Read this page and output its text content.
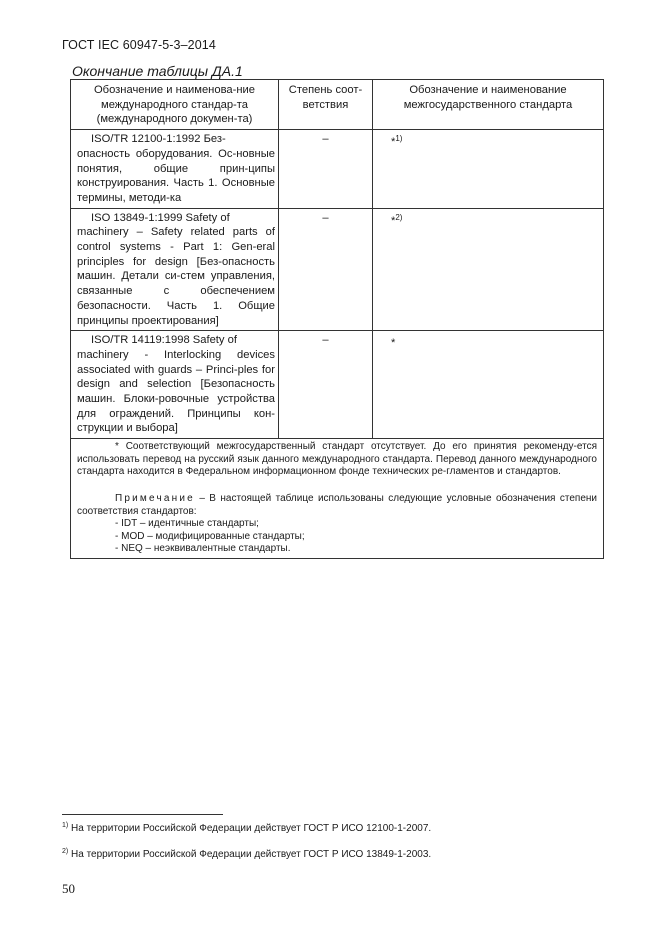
ГОСТ IEC 60947-5-3–2014
Окончание таблицы ДА.1
Обозначение и наименова-ние международного стандар-та (международного докумен-та)	Степень соот-ветствия	Обозначение и наименование межгосударственного стандарта

ISO/TR 12100-1:1992 Без-
опасность оборудования. Ос-новные понятия, общие прин-ципы конструирования. Часть 1. Основные термины, методи-ка	–	*$^{1)}$

ISO 13849-1:1999 Safety of
machinery – Safety related parts of control systems - Part 1: Gen-eral principles for design [Без-опасность машин. Детали си-стем управления, связанные с обеспечением безопасности. Часть 1. Общие принципы проектирования]	–	*$^{2)}$

ISO/TR 14119:1998 Safety of
machinery - Interlocking devices associated with guards – Princi-ples for design and selection [Безопасность машин. Блоки-ровочные устройства для ограждений. Принципы кон-струкции и выбора]	–	*

* Соответствующий межгосударственный стандарт отсутствует. До его принятия рекоменду-ется использовать перевод на русский язык данного международного стандарта. Перевод данного международного стандарта находится в Федеральном информационном фонде технических ре-гламентов и стандартов.

Примечание – В настоящей таблице использованы следующие условные обозначения степени соответствия стандартов:

- IDT – идентичные стандарты;
- MOD – модифицированные стандарты;
- NEQ – неэквивалентные стандарты.		
$^{1)}$ На территории Российской Федерации действует ГОСТ Р ИСО 12100-1-2007.
$^{2)}$ На территории Российской Федерации действует ГОСТ Р ИСО 13849-1-2003.
50
